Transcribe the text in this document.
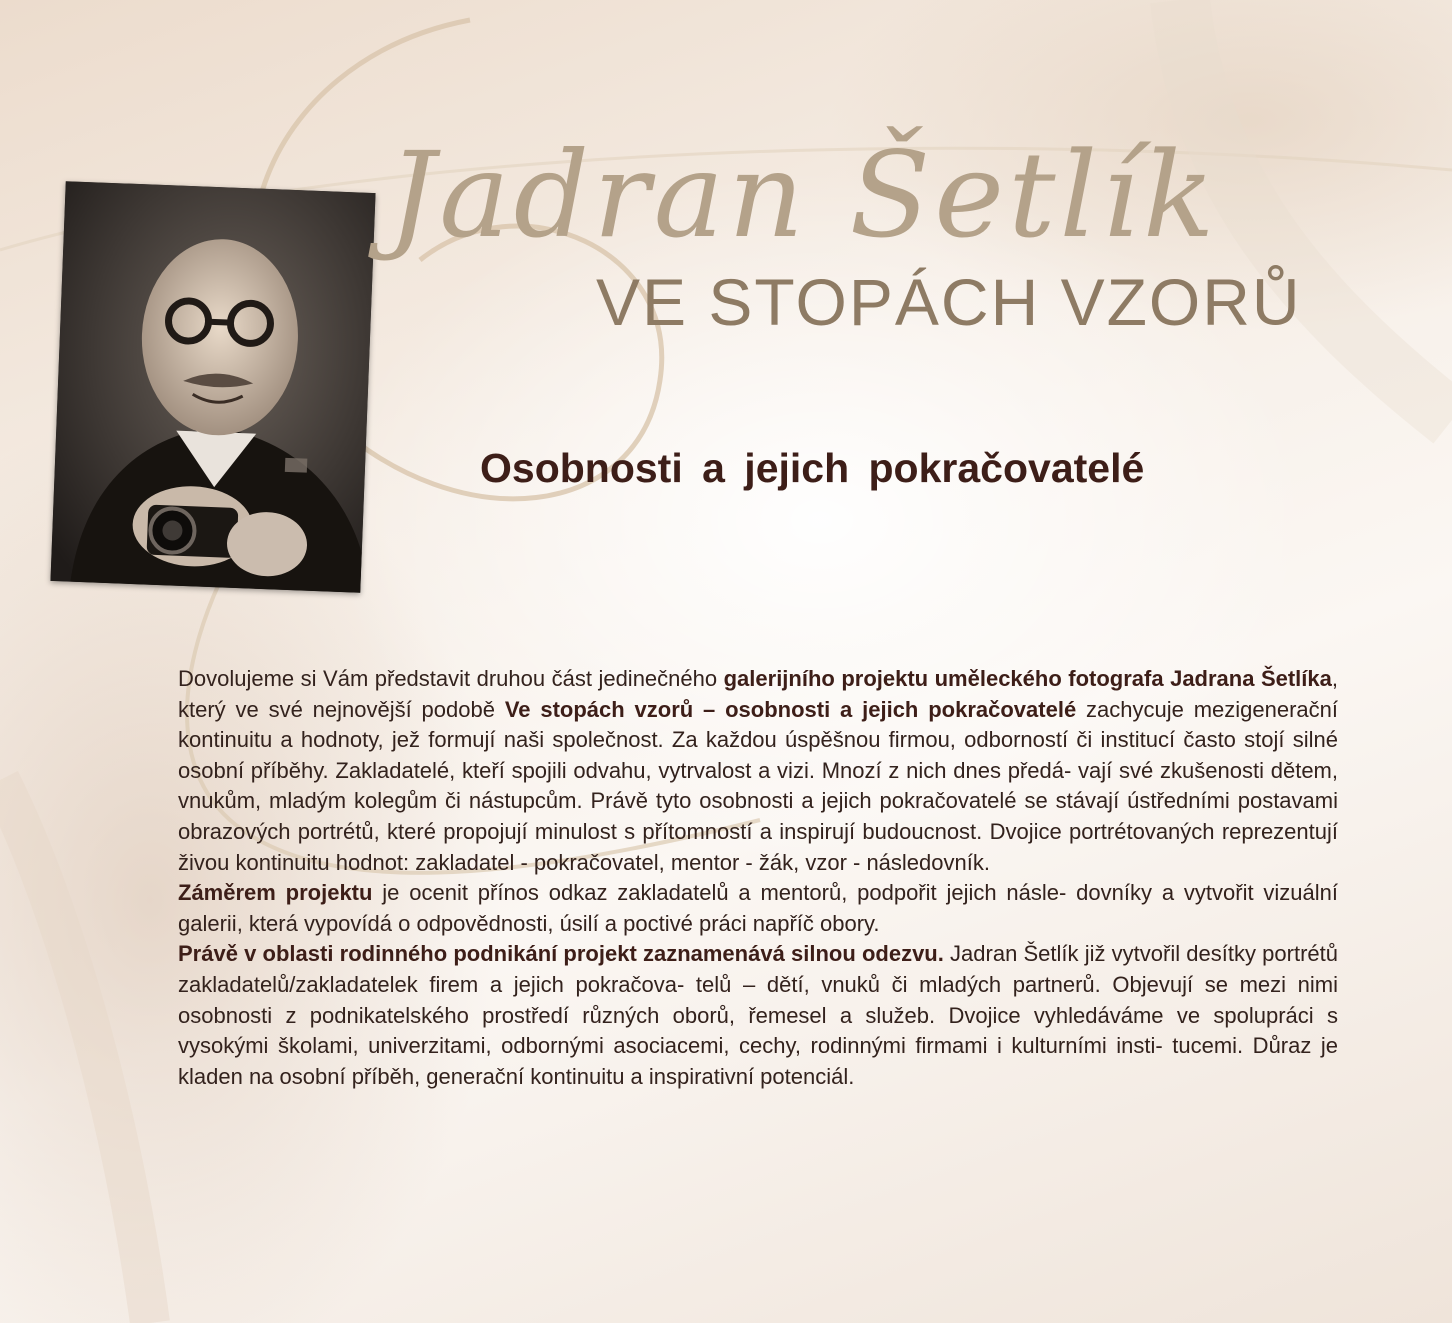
Jadran Šetlík
VE STOPÁCH VZORŮ
Osobnosti a jejich pokračovatelé

Dovolujeme si Vám představit druhou část jedinečného galerijního projektu uměleckého fotografa Jadrana Šetlíka, který ve své nejnovější podobě Ve stopách vzorů – osobnosti a jejich pokračovatelé zachycuje mezigenerační kontinuitu a hodnoty, jež formují naši společnost. Za každou úspěšnou firmou, odborností či institucí často stojí silné osobní příběhy. Zakladatelé, kteří spojili odvahu, vytrvalost a vizi. Mnozí z nich dnes předá- vají své zkušenosti dětem, vnukům, mladým kolegům či nástupcům. Právě tyto osobnosti a jejich pokračovatelé se stávají ústředními postavami obrazových portrétů, které propojují minulost s přítomností a inspirují budoucnost. Dvojice portrétovaných reprezentují živou kontinuitu hodnot: zakladatel - pokračovatel, mentor - žák, vzor - následovník.

Záměrem projektu je ocenit přínos odkaz zakladatelů a mentorů, podpořit jejich násle- dovníky a vytvořit vizuální galerii, která vypovídá o odpovědnosti, úsilí a poctivé práci napříč obory.

Právě v oblasti rodinného podnikání projekt zaznamenává silnou odezvu. Jadran Šetlík již vytvořil desítky portrétů zakladatelů/zakladatelek firem a jejich pokračova- telů – dětí, vnuků či mladých partnerů. Objevují se mezi nimi osobnosti z podnikatelského prostředí různých oborů, řemesel a služeb. Dvojice vyhledáváme ve spolupráci s vysokými školami, univerzitami, odbornými asociacemi, cechy, rodinnými firmami i kulturními insti- tucemi. Důraz je kladen na osobní příběh, generační kontinuitu a inspirativní potenciál.
